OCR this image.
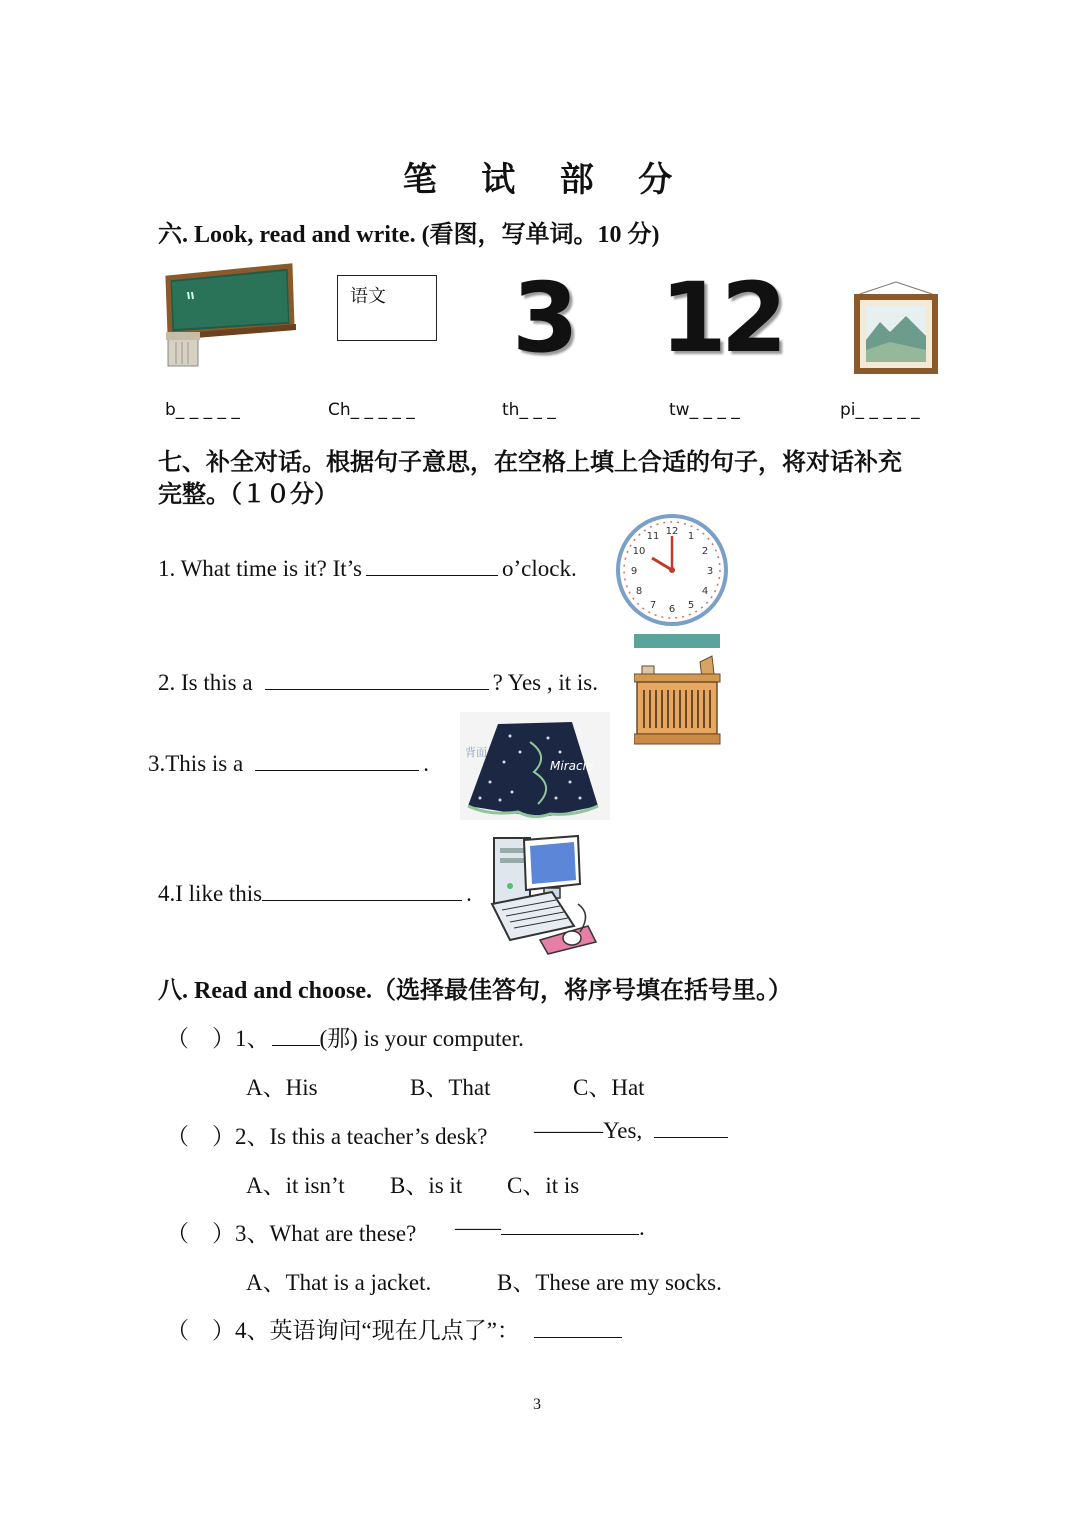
笔 试 部 分
六. Look, read and write. (看图，写单词。10 分)
语文 3 12
b_ _ _ _ _	Ch_ _ _ _ _	th_ _ _	tw_ _ _ _	pi_ _ _ _ _
七、补全对话。根据句子意思，在空格上填上合适的句子，将对话补充
完整。（１０分）
1. What time is it? It’s	o’clock.
12 1
2
3
4
5
6
7
8
9
10
11
2. Is this a	? Yes , it is.
3.This is a	.	背面
Miracle
4.I like this	.
八. Read and choose.（选择最佳答句，将序号填在括号里。）
（　）1、 (那) is your computer.
A、His	B、That	C、Hat
（　）2、Is this a teacher’s desk? ———Yes,
A、it isn’t B、is it C、it is
（　）3、What are these? ——	.
A、That is a jacket.	B、These are my socks.
（　）4、英语询问“现在几点了”：
3
